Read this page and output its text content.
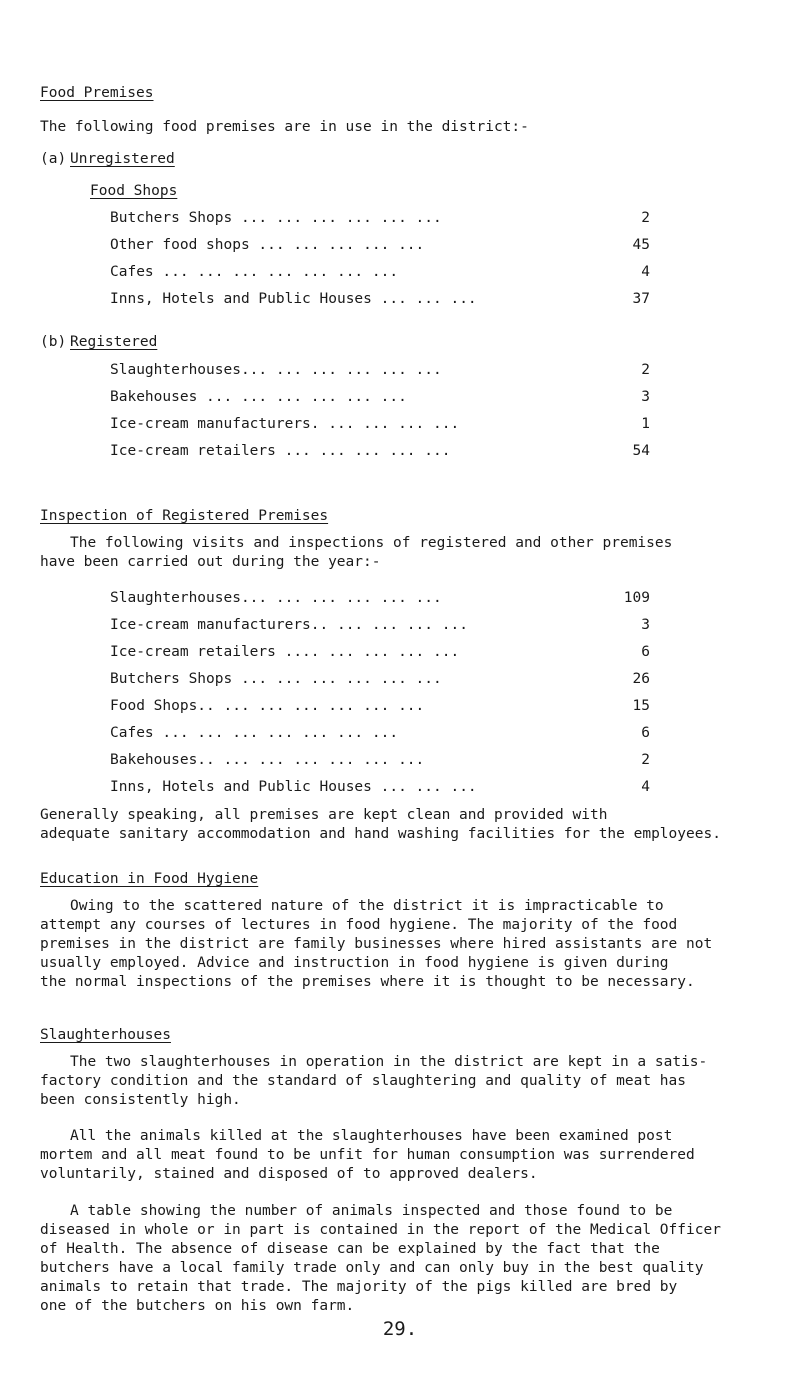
Food Premises
The following food premises are in use in the district:-
(a) Unregistered
Food Shops
Butchers Shops ... ... ... ... ... ...	2
Other food shops ... ... ... ... ...	45
Cafes ... ... ... ... ... ... ...	4
Inns, Hotels and Public Houses ... ... ...	37
(b) Registered
Slaughterhouses... ... ... ... ... ...	2
Bakehouses ... ... ... ... ... ...	3
Ice-cream manufacturers. ... ... ... ...	1
Ice-cream retailers ... ... ... ... ...	54
Inspection of Registered Premises
The following visits and inspections of registered and other premises
have been carried out during the year:-
Slaughterhouses... ... ... ... ... ...	109
Ice-cream manufacturers.. ... ... ... ...	3
Ice-cream retailers .... ... ... ... ...	6
Butchers Shops ... ... ... ... ... ...	26
Food Shops.. ... ... ... ... ... ...	15
Cafes ... ... ... ... ... ... ...	6
Bakehouses.. ... ... ... ... ... ...	2
Inns, Hotels and Public Houses ... ... ...	4
Generally speaking, all premises are kept clean and provided with
adequate sanitary accommodation and hand washing facilities for the employees.
Education in Food Hygiene
Owing to the scattered nature of the district it is impracticable to
attempt any courses of lectures in food hygiene. The majority of the food
premises in the district are family businesses where hired assistants are not
usually employed. Advice and instruction in food hygiene is given during
the normal inspections of the premises where it is thought to be necessary.
Slaughterhouses
The two slaughterhouses in operation in the district are kept in a satis-
factory condition and the standard of slaughtering and quality of meat has
been consistently high.
All the animals killed at the slaughterhouses have been examined post
mortem and all meat found to be unfit for human consumption was surrendered
voluntarily, stained and disposed of to approved dealers.
A table showing the number of animals inspected and those found to be
diseased in whole or in part is contained in the report of the Medical Officer
of Health. The absence of disease can be explained by the fact that the
butchers have a local family trade only and can only buy in the best quality
animals to retain that trade. The majority of the pigs killed are bred by
one of the butchers on his own farm.
29.
